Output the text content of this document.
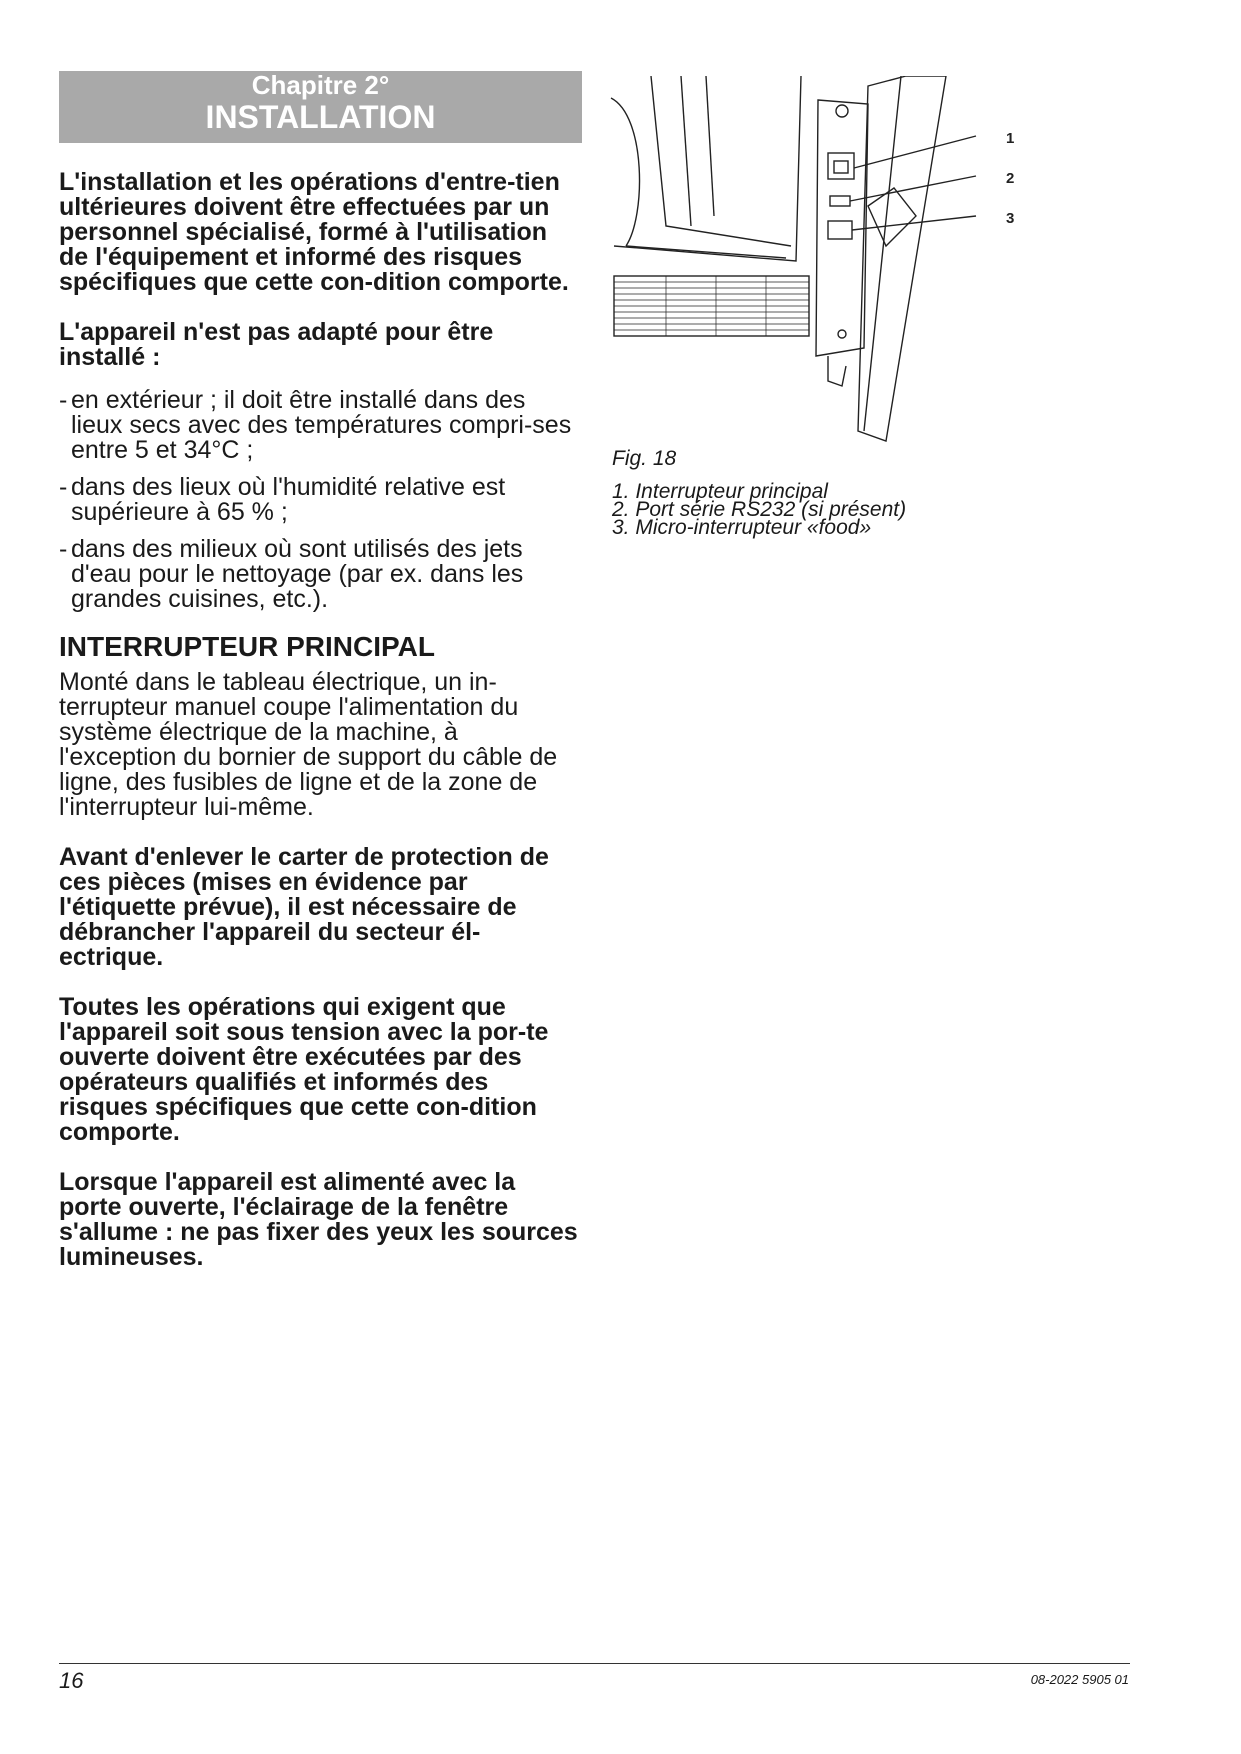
Chapitre 2°
INSTALLATION

L'installation et les opérations d'entre-tien ultérieures doivent être effectuées par un personnel spécialisé, formé à l'utilisation de l'équipement et informé des risques spécifiques que cette con-dition comporte.

L'appareil n'est pas adapté pour être installé :

- en extérieur ; il doit être installé dans des lieux secs avec des températures compri-ses entre 5 et 34°C ;
- dans des lieux où l'humidité relative est supérieure à 65 % ;
- dans des milieux où sont utilisés des jets d'eau pour le nettoyage (par ex. dans les grandes cuisines, etc.).
INTERRUPTEUR PRINCIPAL

Monté dans le tableau électrique, un in-terrupteur manuel coupe l'alimentation du système électrique de la machine, à l'exception du bornier de support du câble de ligne, des fusibles de ligne et de la zone de l'interrupteur lui-même.

Avant d'enlever le carter de protection de ces pièces (mises en évidence par l'étiquette prévue), il est nécessaire de débrancher l'appareil du secteur él-ectrique.

Toutes les opérations qui exigent que l'appareil soit sous tension avec la por-te ouverte doivent être exécutées par des opérateurs qualifiés et informés des risques spécifiques que cette con-dition comporte.

Lorsque l'appareil est alimenté avec la porte ouverte, l'éclairage de la fenêtre s'allume : ne pas fixer des yeux les sources lumineuses.

1
2
3
Fig. 18
1. Interrupteur principal
2. Port série RS232 (si présent)
3. Micro-interrupteur «food»
16	08-2022 5905 01
